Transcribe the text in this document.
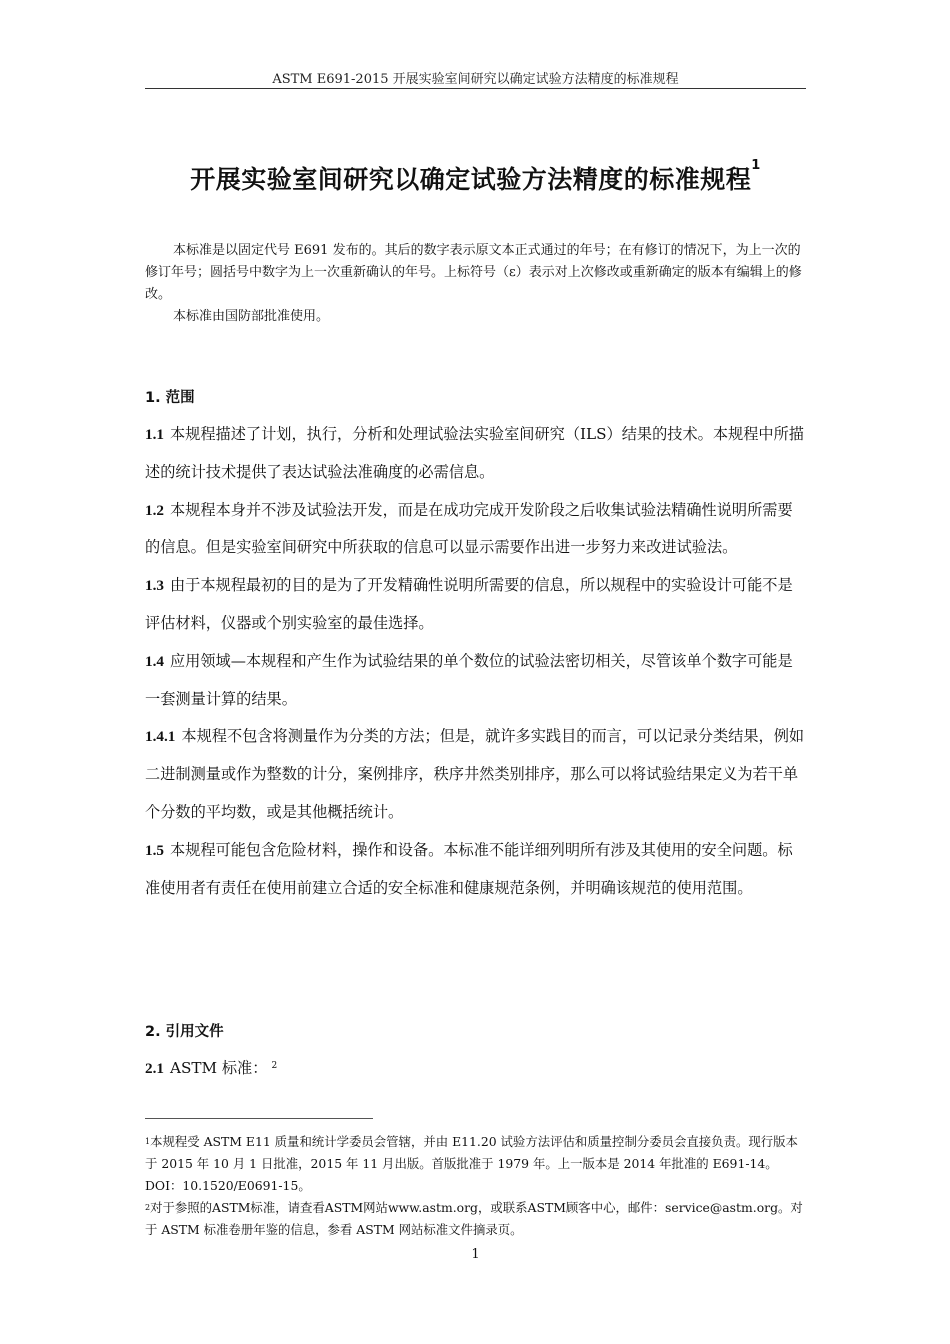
ASTM E691-2015 开展实验室间研究以确定试验方法精度的标准规程
开展实验室间研究以确定试验方法精度的标准规程$^1$

本标准是以固定代号 E691 发布的。其后的数字表示原文本正式通过的年号；在有修订的情况下，为上一次的修订年号；圆括号中数字为上一次重新确认的年号。上标符号（ε）表示对上次修改或重新确定的版本有编辑上的修改。

本标准由国防部批准使用。

1. 范围

1.1 本规程描述了计划，执行，分析和处理试验法实验室间研究（ILS）结果的技术。本规程中所描述的统计技术提供了表达试验法准确度的必需信息。

1.2 本规程本身并不涉及试验法开发，而是在成功完成开发阶段之后收集试验法精确性说明所需要的信息。但是实验室间研究中所获取的信息可以显示需要作出进一步努力来改进试验法。

1.3 由于本规程最初的目的是为了开发精确性说明所需要的信息，所以规程中的实验设计可能不是评估材料，仪器或个别实验室的最佳选择。

1.4 应用领域—本规程和产生作为试验结果的单个数位的试验法密切相关，尽管该单个数字可能是一套测量计算的结果。

1.4.1 本规程不包含将测量作为分类的方法；但是，就许多实践目的而言，可以记录分类结果，例如二进制测量或作为整数的计分，案例排序，秩序井然类别排序，那么可以将试验结果定义为若干单个分数的平均数，或是其他概括统计。

1.5 本规程可能包含危险材料，操作和设备。本标准不能详细列明所有涉及其使用的安全问题。标准使用者有责任在使用前建立合适的安全标准和健康规范条例，并明确该规范的使用范围。

2. 引用文件

2.1 ASTM 标准： $^2$

$^1$本规程受 ASTM E11 质量和统计学委员会管辖，并由 E11.20 试验方法评估和质量控制分委员会直接负责。现行版本于 2015 年 10 月 1 日批准，2015 年 11 月出版。首版批准于 1979 年。上一版本是 2014 年批准的 E691-14。DOI：10.1520/E0691-15。

$^2$对于参照的ASTM标准，请查看ASTM网站www.astm.org，或联系ASTM顾客中心，邮件：service@astm.org。对于 ASTM 标准卷册年鉴的信息，参看 ASTM 网站标准文件摘录页。

1
